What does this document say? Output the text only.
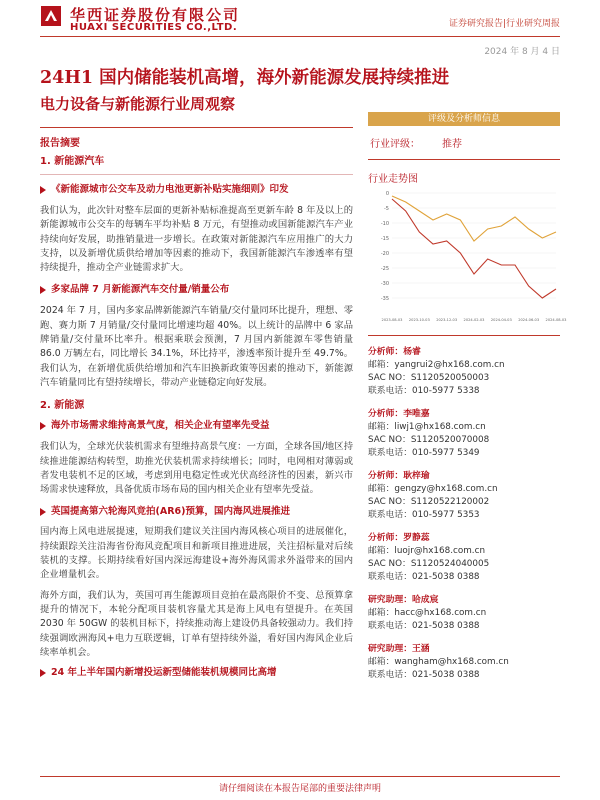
华西证券股份有限公司
HUAXI SECURITIES CO.,LTD.	证券研究报告|行业研究周报
2024 年 8 月 4 日
24H1 国内储能装机高增，海外新能源发展持续推进
电力设备与新能源行业周观察
报告摘要
1. 新能源汽车
《新能源城市公交车及动力电池更新补贴实施细则》印发
我们认为，此次针对整车层面的更新补贴标准提高至更新车龄 8 年及以上的新能源城市公交车的每辆车平均补贴 8 万元，有望推动或国新能源汽车产业持续向好发展，助推销量进一步增长。在政策对新能源汽车应用推广的大力支持，以及新增优质供给增加等因素的推动下，我国新能源汽车渗透率有望持续提升，推动全产业链需求扩大。
多家品牌 7 月新能源汽车交付量/销量公布
2024 年 7 月，国内多家品牌新能源汽车销量/交付量同环比提升，理想、零跑、赛力斯 7 月销量/交付量同比增速均超 40%。以上统计的品牌中 6 家品牌销量/交付量环比率升。根据乘联会预测，7 月国内新能源车零售销量 86.0 万辆左右，同比增长 34.1%，环比持平，渗透率预计提升至 49.7%。我们认为，在新增优质供给增加和汽车旧换新政策等因素的推动下，新能源汽车销量同比有望持续增长，带动产业链稳定向好发展。
2. 新能源
海外市场需求维持高景气度，相关企业有望率先受益
我们认为，全球光伏装机需求有望维持高景气度：一方面，全球各国/地区持续推进能源结构转型，助推光伏装机需求持续增长；同时，电网相对薄弱或者发电装机不足的区域，考虑到用电稳定性或光伏高经济性的因素，新兴市场需求快速释放，具备优质市场布局的国内相关企业有望率先受益。
英国提高第六轮海风竞拍(AR6)预算，国内海风进展推进
国内海上风电进展提速，短期我们建议关注国内海风核心项目的进展催化，持续跟踪关注沿海省份海风竞配项目和新项目推进进展，关注招标量对后续装机的支撑。长期持续看好国内深远海建设+海外海风需求外溢带来的国内企业增量机会。
海外方面，我们认为，英国可再生能源项目竞拍在最高限价不变、总预算拿提升的情况下，本轮分配项目装机容量尤其是海上风电有望提升。在英国 2030 年 50GW 的装机目标下，持续推动海上建设仍具备较强动力。我们持续强调欧洲海风+电力互联逻辑，订单有望持续外溢，看好国内海风企业后续率单机会。
24 年上半年国内新增投运新型储能装机规模同比高增
评级及分析师信息
行业评级： 推荐
行业走势图
0
-5
-10
-15
-20
-25
-30
-35
2023-08-03 2023-10-03 2023-12-03 2024-02-03 2024-04-03 2024-06-03 2024-08-03
分析师：杨睿
邮箱：yangrui2@hx168.com.cn
SAC NO：S1120520050003
联系电话：010-5977 5338
分析师：李唯嘉
邮箱：liwj1@hx168.com.cn
SAC NO：S1120520070008
联系电话：010-5977 5349
分析师：耿梓瑜
邮箱：gengzy@hx168.com.cn
SAC NO：S1120522120002
联系电话：010-5977 5353
分析师：罗静蕊
邮箱：luojr@hx168.com.cn
SAC NO：S1120524040005
联系电话：021-5038 0388
研究助理：哈成宸
邮箱：hacc@hx168.com.cn
联系电话：021-5038 0388
研究助理：王涵
邮箱：wangham@hx168.com.cn
联系电话：021-5038 0388
请仔细阅读在本报告尾部的重要法律声明
